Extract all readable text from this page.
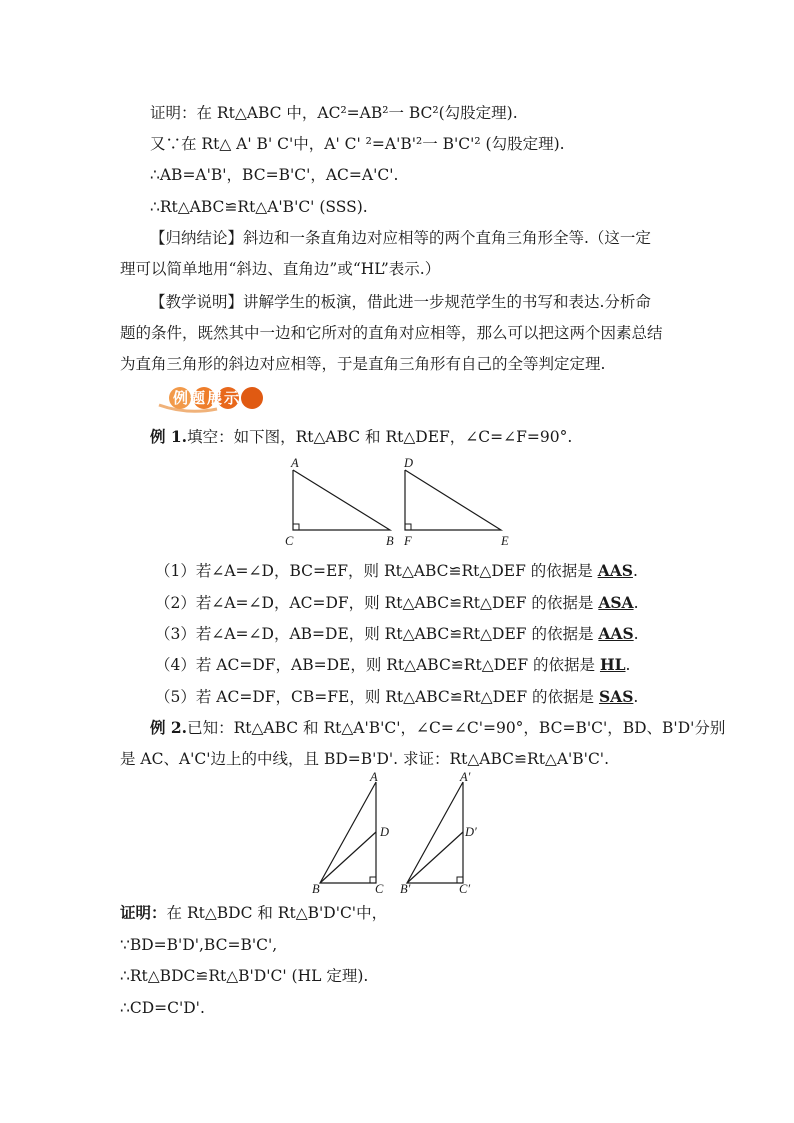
证明：在 Rt△ABC 中，AC²=AB²一 BC²(勾股定理).
又∵在 Rt△ A' B' C'中，A' C' ²=A'B'²一 B'C'² (勾股定理).
∴AB=A'B'，BC=B'C'，AC=A'C'.
∴Rt△ABC≌Rt△A'B'C' (SSS).
【归纳结论】斜边和一条直角边对应相等的两个直角三角形全等.（这一定
理可以简单地用“斜边、直角边”或“HL”表示.）
【教学说明】讲解学生的板演，借此进一步规范学生的书写和表达.分析命
题的条件，既然其中一边和它所对的直角对应相等，那么可以把这两个因素总结
为直角三角形的斜边对应相等，于是直角三角形有自己的全等判定定理.
例题展示
例 1.填空：如下图，Rt△ABC 和 Rt△DEF，∠C=∠F=90°.
A
C	B
D
F	E
（1）若∠A=∠D，BC=EF，则 Rt△ABC≌Rt△DEF 的依据是 AAS.
（2）若∠A=∠D，AC=DF，则 Rt△ABC≌Rt△DEF 的依据是 ASA.
（3）若∠A=∠D，AB=DE，则 Rt△ABC≌Rt△DEF 的依据是 AAS.
（4）若 AC=DF，AB=DE，则 Rt△ABC≌Rt△DEF 的依据是 HL.
（5）若 AC=DF，CB=FE，则 Rt△ABC≌Rt△DEF 的依据是 SAS.
例 2.已知：Rt△ABC 和 Rt△A'B'C'，∠C=∠C'=90°，BC=B'C'，BD、B'D'分别
是 AC、A'C'边上的中线，且 BD=B'D'. 求证：Rt△ABC≌Rt△A'B'C'.
A
D
B	C
A′
D′
B′	C′
证明：在 Rt△BDC 和 Rt△B'D'C'中，
∵BD=B'D',BC=B'C',
∴Rt△BDC≌Rt△B'D'C' (HL 定理).
∴CD=C'D'.
